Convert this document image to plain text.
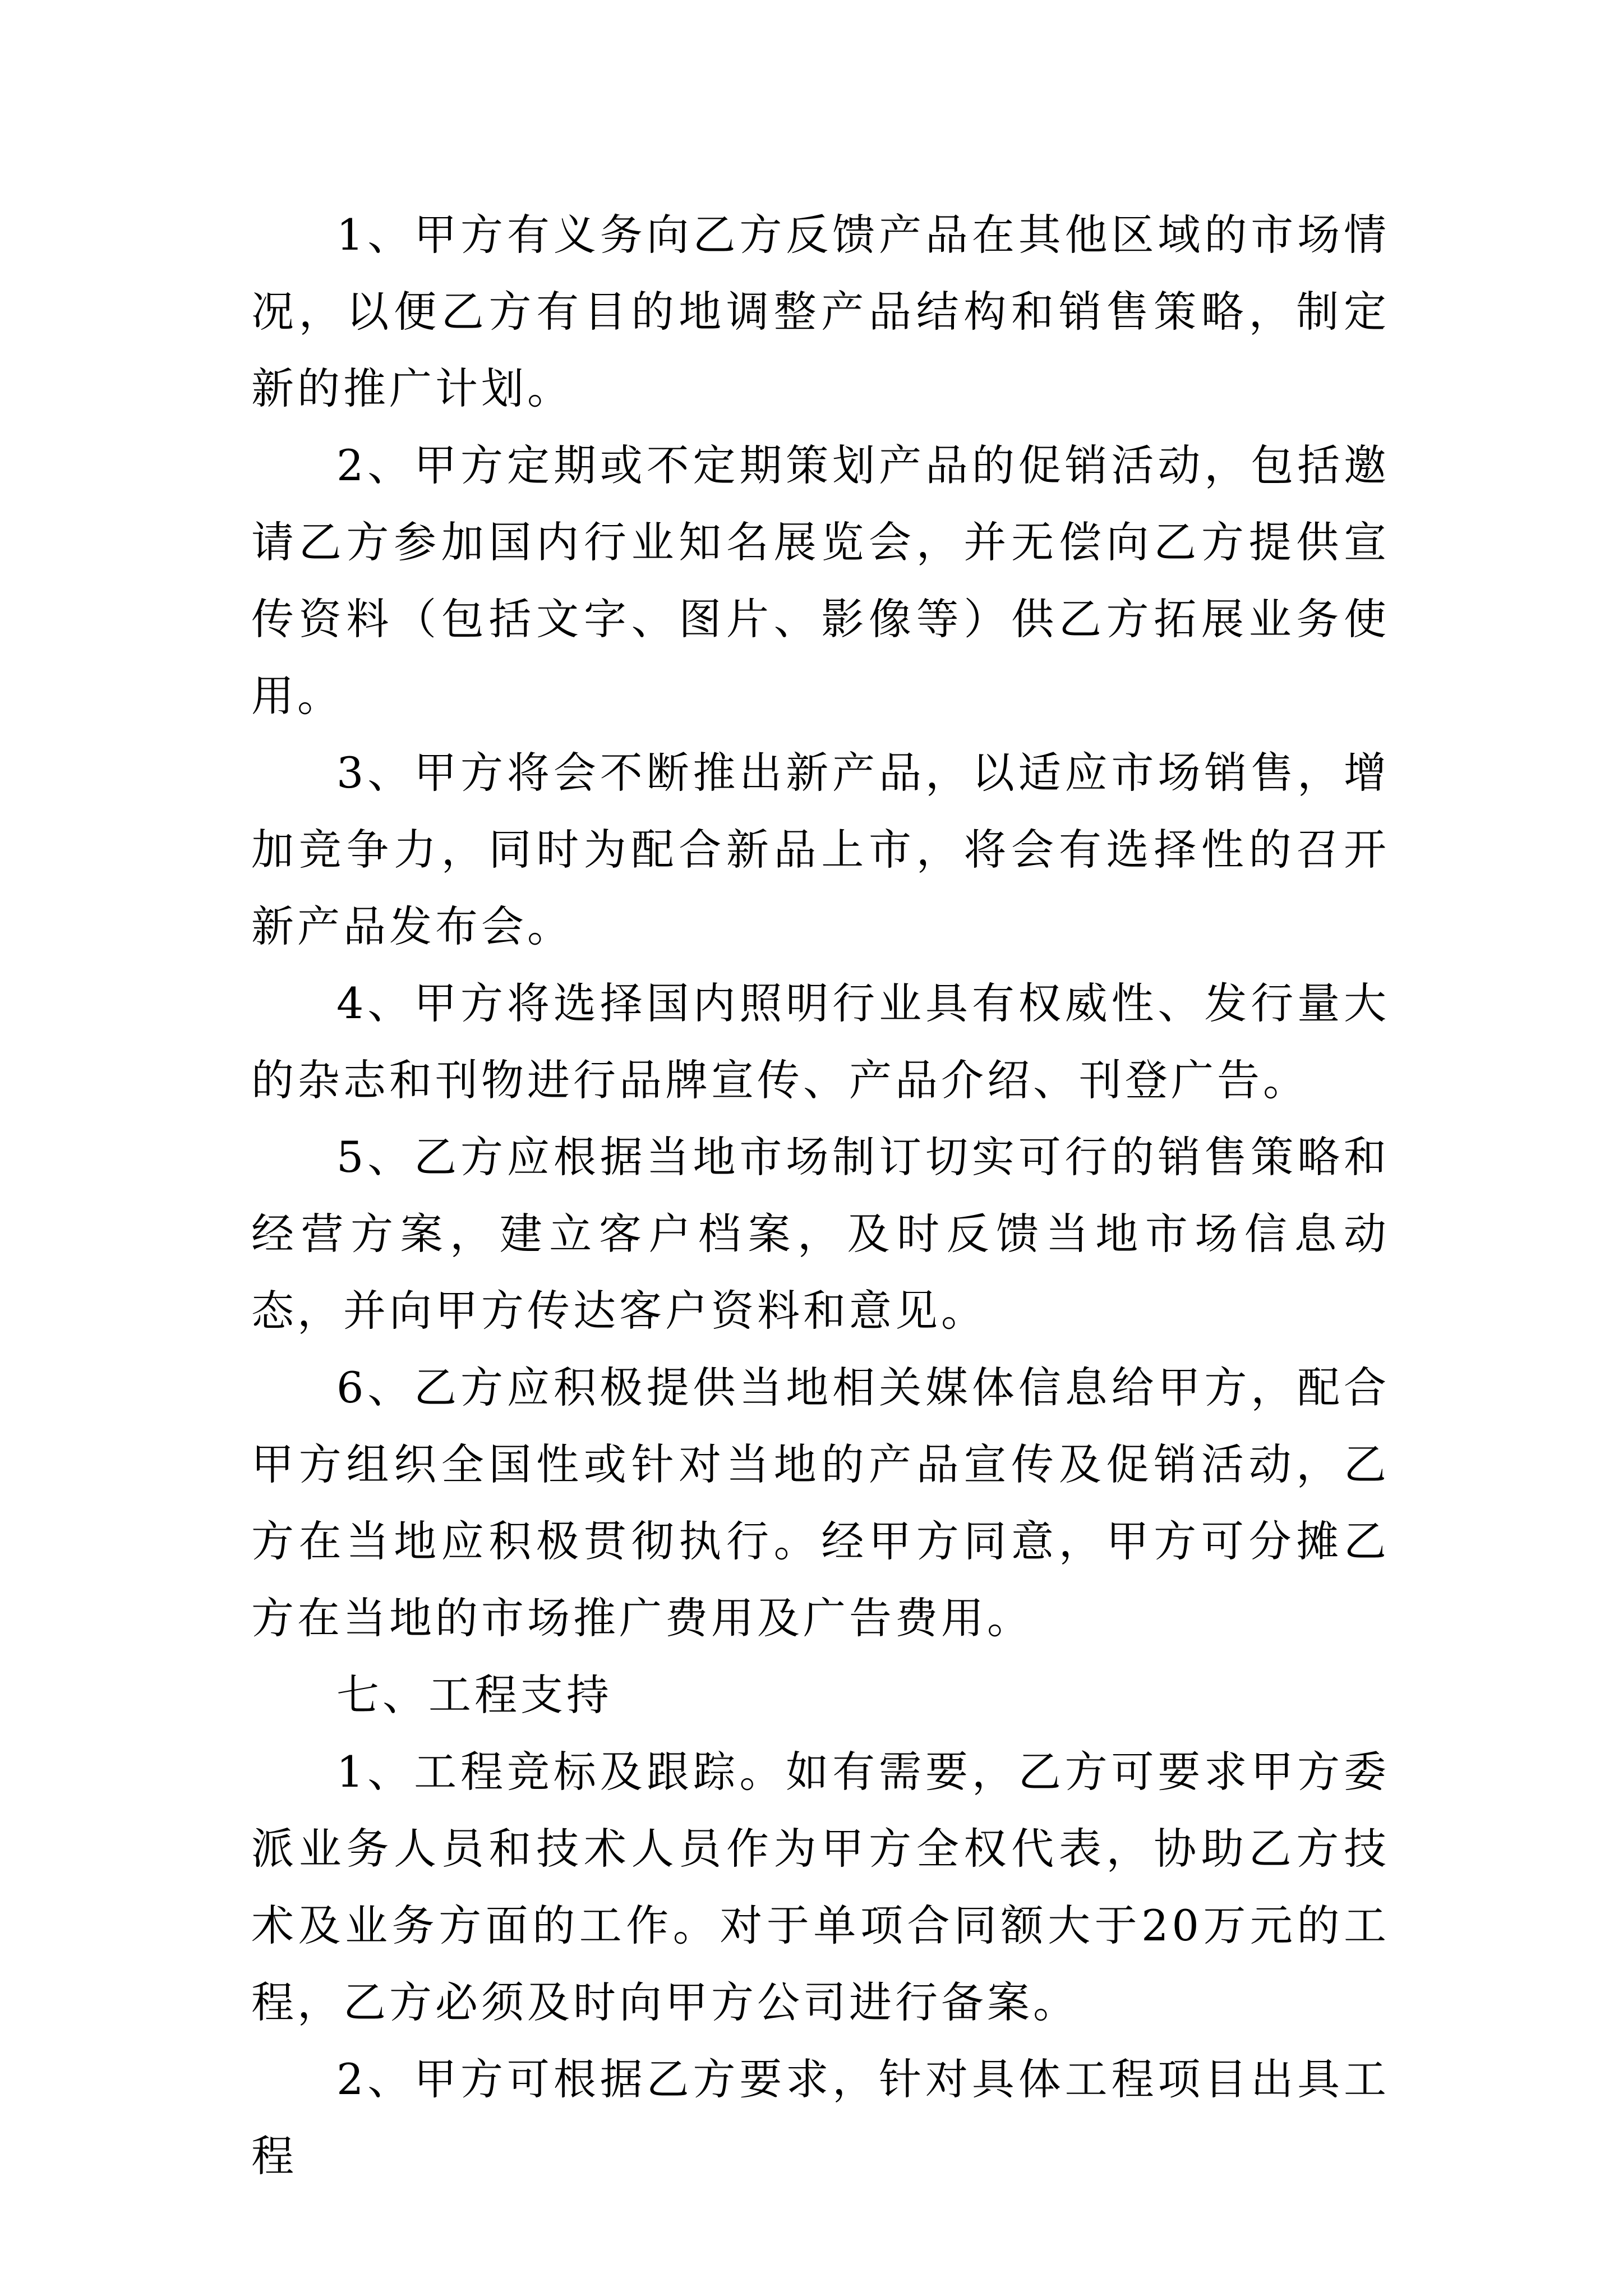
1、甲方有义务向乙方反馈产品在其他区域的市场情况，以便乙方有目的地调整产品结构和销售策略，制定新的推广计划。

2、甲方定期或不定期策划产品的促销活动，包括邀请乙方参加国内行业知名展览会，并无偿向乙方提供宣传资料（包括文字、图片、影像等）供乙方拓展业务使用。

3、甲方将会不断推出新产品，以适应市场销售，增加竞争力，同时为配合新品上市，将会有选择性的召开新产品发布会。

4、甲方将选择国内照明行业具有权威性、发行量大的杂志和刊物进行品牌宣传、产品介绍、刊登广告。

5、乙方应根据当地市场制订切实可行的销售策略和经营方案，建立客户档案，及时反馈当地市场信息动态，并向甲方传达客户资料和意见。

6、乙方应积极提供当地相关媒体信息给甲方，配合甲方组织全国性或针对当地的产品宣传及促销活动，乙方在当地应积极贯彻执行。经甲方同意，甲方可分摊乙方在当地的市场推广费用及广告费用。

七、工程支持

1、工程竞标及跟踪。如有需要，乙方可要求甲方委派业务人员和技术人员作为甲方全权代表，协助乙方技术及业务方面的工作。对于单项合同额大于20万元的工程，乙方必须及时向甲方公司进行备案。

2、甲方可根据乙方要求，针对具体工程项目出具工程
